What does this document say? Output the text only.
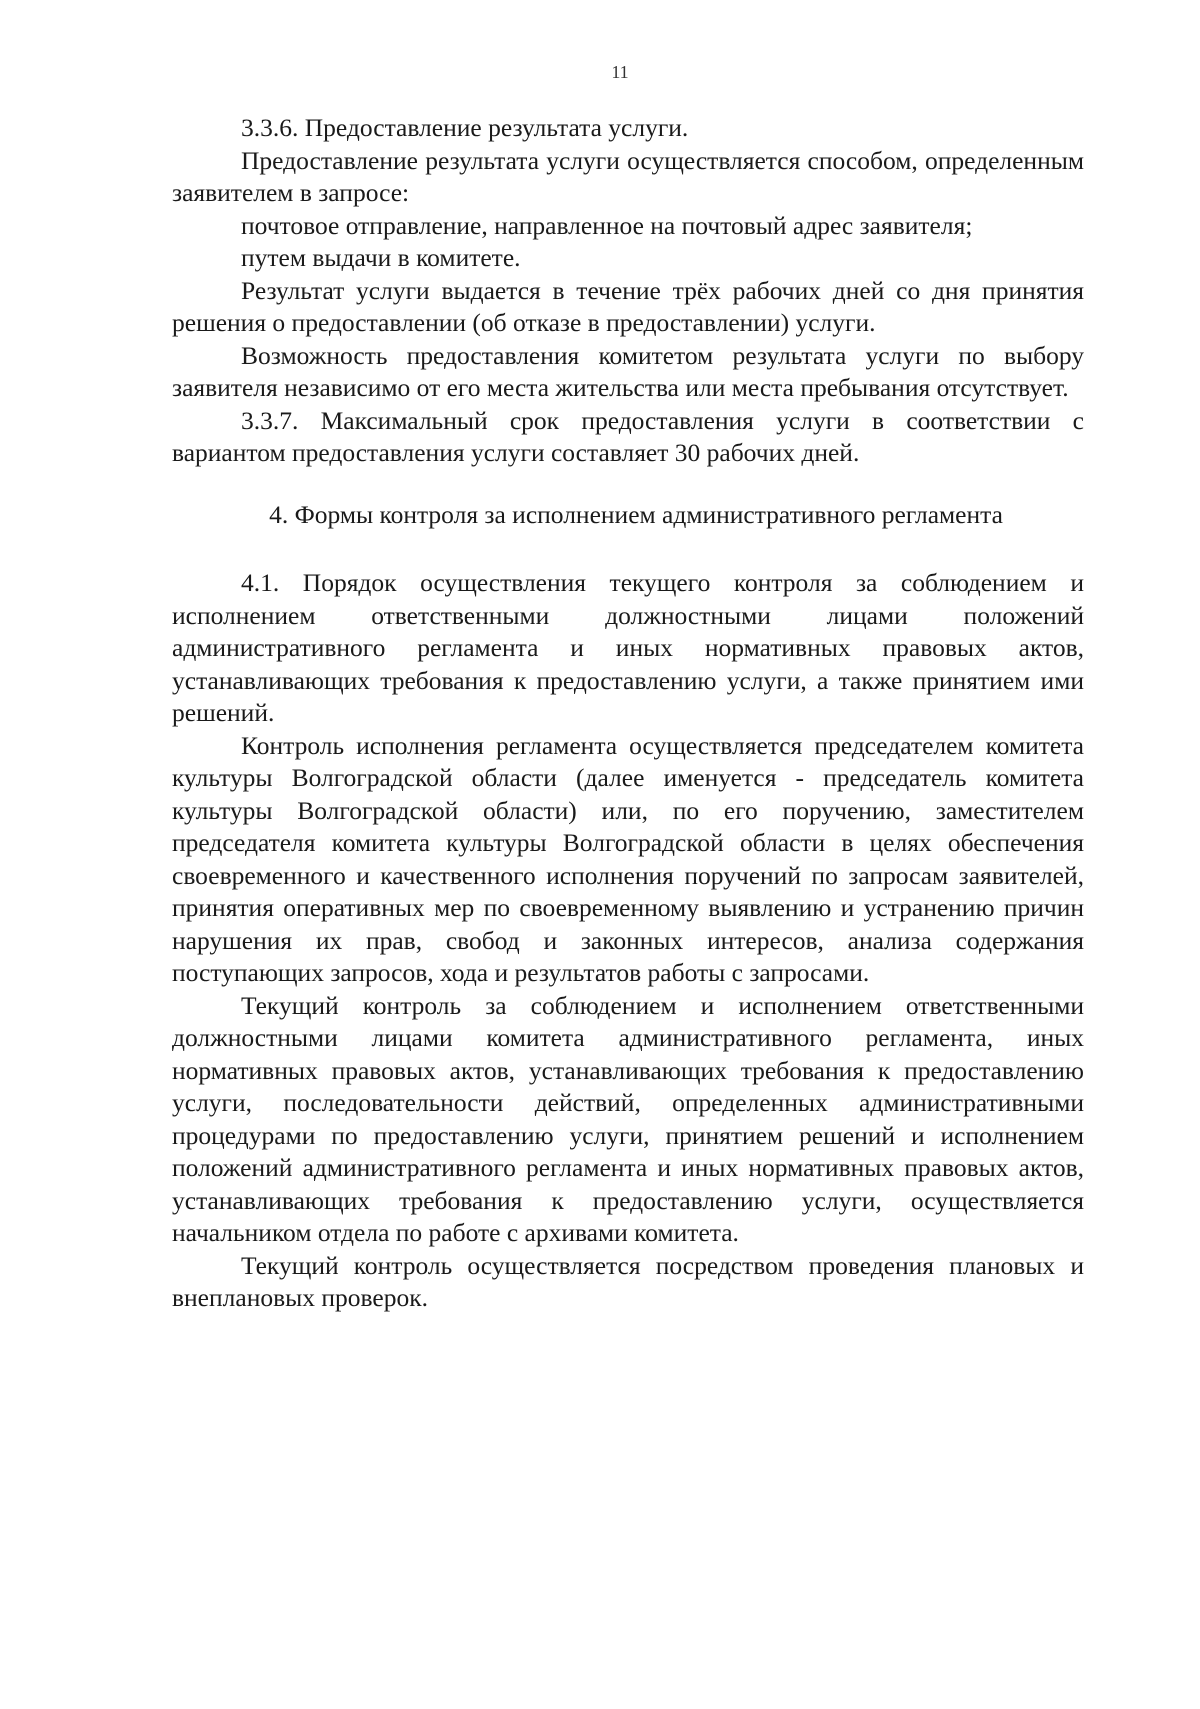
11

3.3.6. Предоставление результата услуги.

Предоставление результата услуги осуществляется способом, определенным заявителем в запросе:

почтовое отправление, направленное на почтовый адрес заявителя;

путем выдачи в комитете.

Результат услуги выдается в течение трёх рабочих дней со дня принятия решения о предоставлении (об отказе в предоставлении) услуги.

Возможность предоставления комитетом результата услуги по выбору заявителя независимо от его места жительства или места пребывания отсутствует.

3.3.7. Максимальный срок предоставления услуги в соответствии с вариантом предоставления услуги составляет 30 рабочих дней.

4. Формы контроля за исполнением административного регламента

4.1. Порядок осуществления текущего контроля за соблюдением и исполнением ответственными должностными лицами положений административного регламента и иных нормативных правовых актов, устанавливающих требования к предоставлению услуги, а также принятием ими решений.

Контроль исполнения регламента осуществляется председателем комитета культуры Волгоградской области (далее именуется - председатель комитета культуры Волгоградской области) или, по его поручению, заместителем председателя комитета культуры Волгоградской области в целях обеспечения своевременного и качественного исполнения поручений по запросам заявителей, принятия оперативных мер по своевременному выявлению и устранению причин нарушения их прав, свобод и законных интересов, анализа содержания поступающих запросов, хода и результатов работы с запросами.

Текущий контроль за соблюдением и исполнением ответственными должностными лицами комитета административного регламента, иных нормативных правовых актов, устанавливающих требования к предоставлению услуги, последовательности действий, определенных административными процедурами по предоставлению услуги, принятием решений и исполнением положений административного регламента и иных нормативных правовых актов, устанавливающих требования к предоставлению услуги, осуществляется начальником отдела по работе с архивами комитета.

Текущий контроль осуществляется посредством проведения плановых и внеплановых проверок.
